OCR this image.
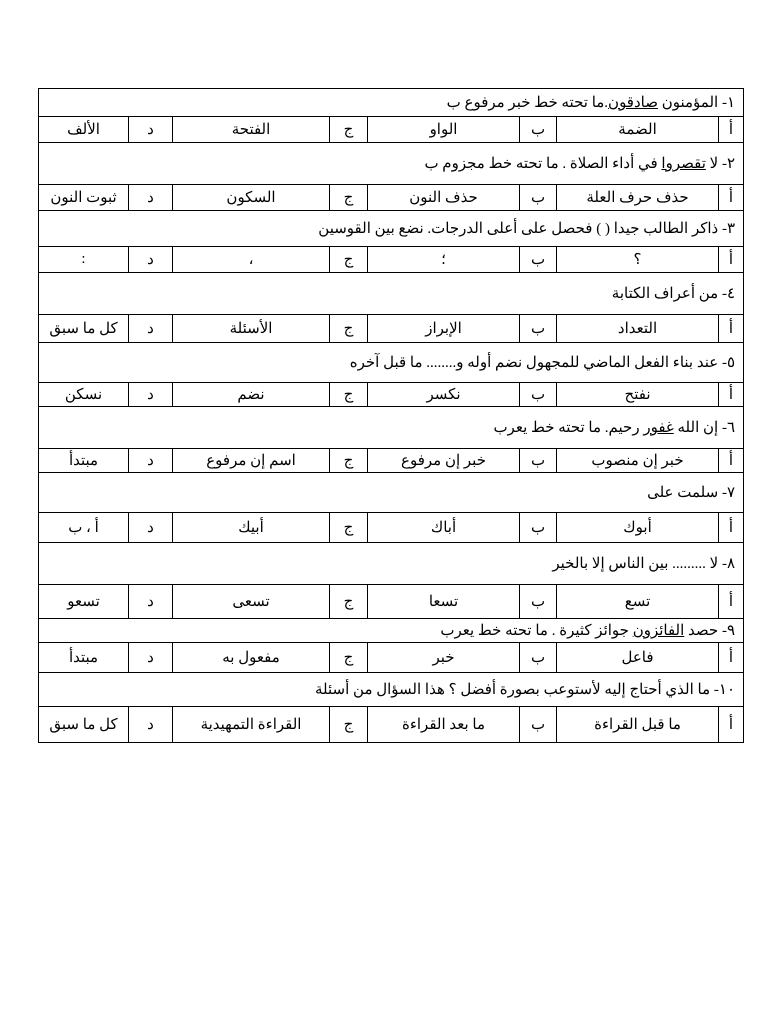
١- المؤمنون صادقون.ما تحته خط خبر مرفوع ب							
أ	الضمة	ب	الواو	ج	الفتحة	د	الألف
٢- لا تقصروا في أداء الصلاة . ما تحته خط مجزوم ب							
أ	حذف حرف العلة	ب	حذف النون	ج	السكون	د	ثبوت النون
٣- ذاكر الطالب جيدا ( ) فحصل على أعلى الدرجات. نضع بين القوسين							
أ	؟	ب	؛	ج	،	د	:
٤- من أعراف الكتابة							
أ	التعداد	ب	الإبراز	ج	الأسئلة	د	كل ما سبق
٥- عند بناء الفعل الماضي للمجهول نضم أوله و........ ما قبل آخره							
أ	نفتح	ب	نكسر	ج	نضم	د	نسكن
٦- إن الله غفور رحيم. ما تحته خط يعرب							
أ	خبر إن منصوب	ب	خبر إن مرفوع	ج	اسم إن مرفوع	د	مبتدأ
٧- سلمت على							
أ	أبوك	ب	أباك	ج	أبيك	د	أ ، ب
٨- لا ......... بين الناس إلا بالخير							
أ	تسع	ب	تسعا	ج	تسعى	د	تسعو
٩- حصد الفائزون جوائز كثيرة . ما تحته خط يعرب							
أ	فاعل	ب	خبر	ج	مفعول به	د	مبتدأ
١٠- ما الذي أحتاج إليه لأستوعب بصورة أفضل ؟ هذا السؤال من أسئلة							
أ	ما قبل القراءة	ب	ما بعد القراءة	ج	القراءة التمهيدية	د	كل ما سبق
